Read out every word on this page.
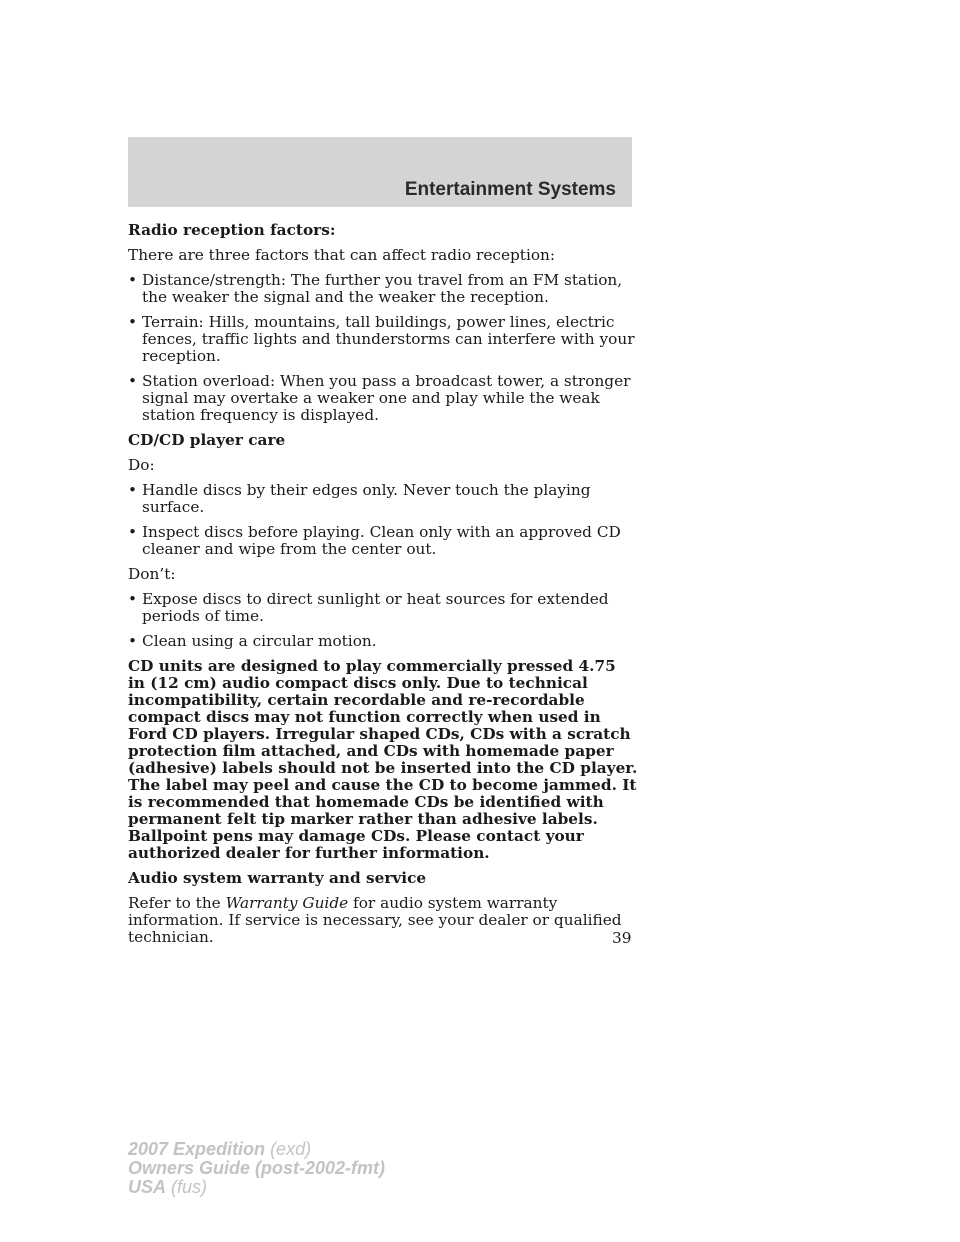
Entertainment Systems

Radio reception factors:

There are three factors that can affect radio reception:

• Distance/strength: The further you travel from an FM station, the weaker the signal and the weaker the reception.
• Terrain: Hills, mountains, tall buildings, power lines, electric fences, traffic lights and thunderstorms can interfere with your reception.
• Station overload: When you pass a broadcast tower, a stronger signal may overtake a weaker one and play while the weak station frequency is displayed.

CD/CD player care

Do:

• Handle discs by their edges only. Never touch the playing surface.
• Inspect discs before playing. Clean only with an approved CD cleaner and wipe from the center out.

Don’t:

• Expose discs to direct sunlight or heat sources for extended periods of time.
• Clean using a circular motion.

CD units are designed to play commercially pressed 4.75 in (12 cm) audio compact discs only. Due to technical incompatibility, certain recordable and re-recordable compact discs may not function correctly when used in Ford CD players. Irregular shaped CDs, CDs with a scratch protection film attached, and CDs with homemade paper (adhesive) labels should not be inserted into the CD player. The label may peel and cause the CD to become jammed. It is recommended that homemade CDs be identified with permanent felt tip marker rather than adhesive labels. Ballpoint pens may damage CDs. Please contact your authorized dealer for further information.

Audio system warranty and service

Refer to the Warranty Guide for audio system warranty information. If service is necessary, see your dealer or qualified technician.	39
2007 Expedition (exd)
Owners Guide (post-2002-fmt)
USA (fus)
